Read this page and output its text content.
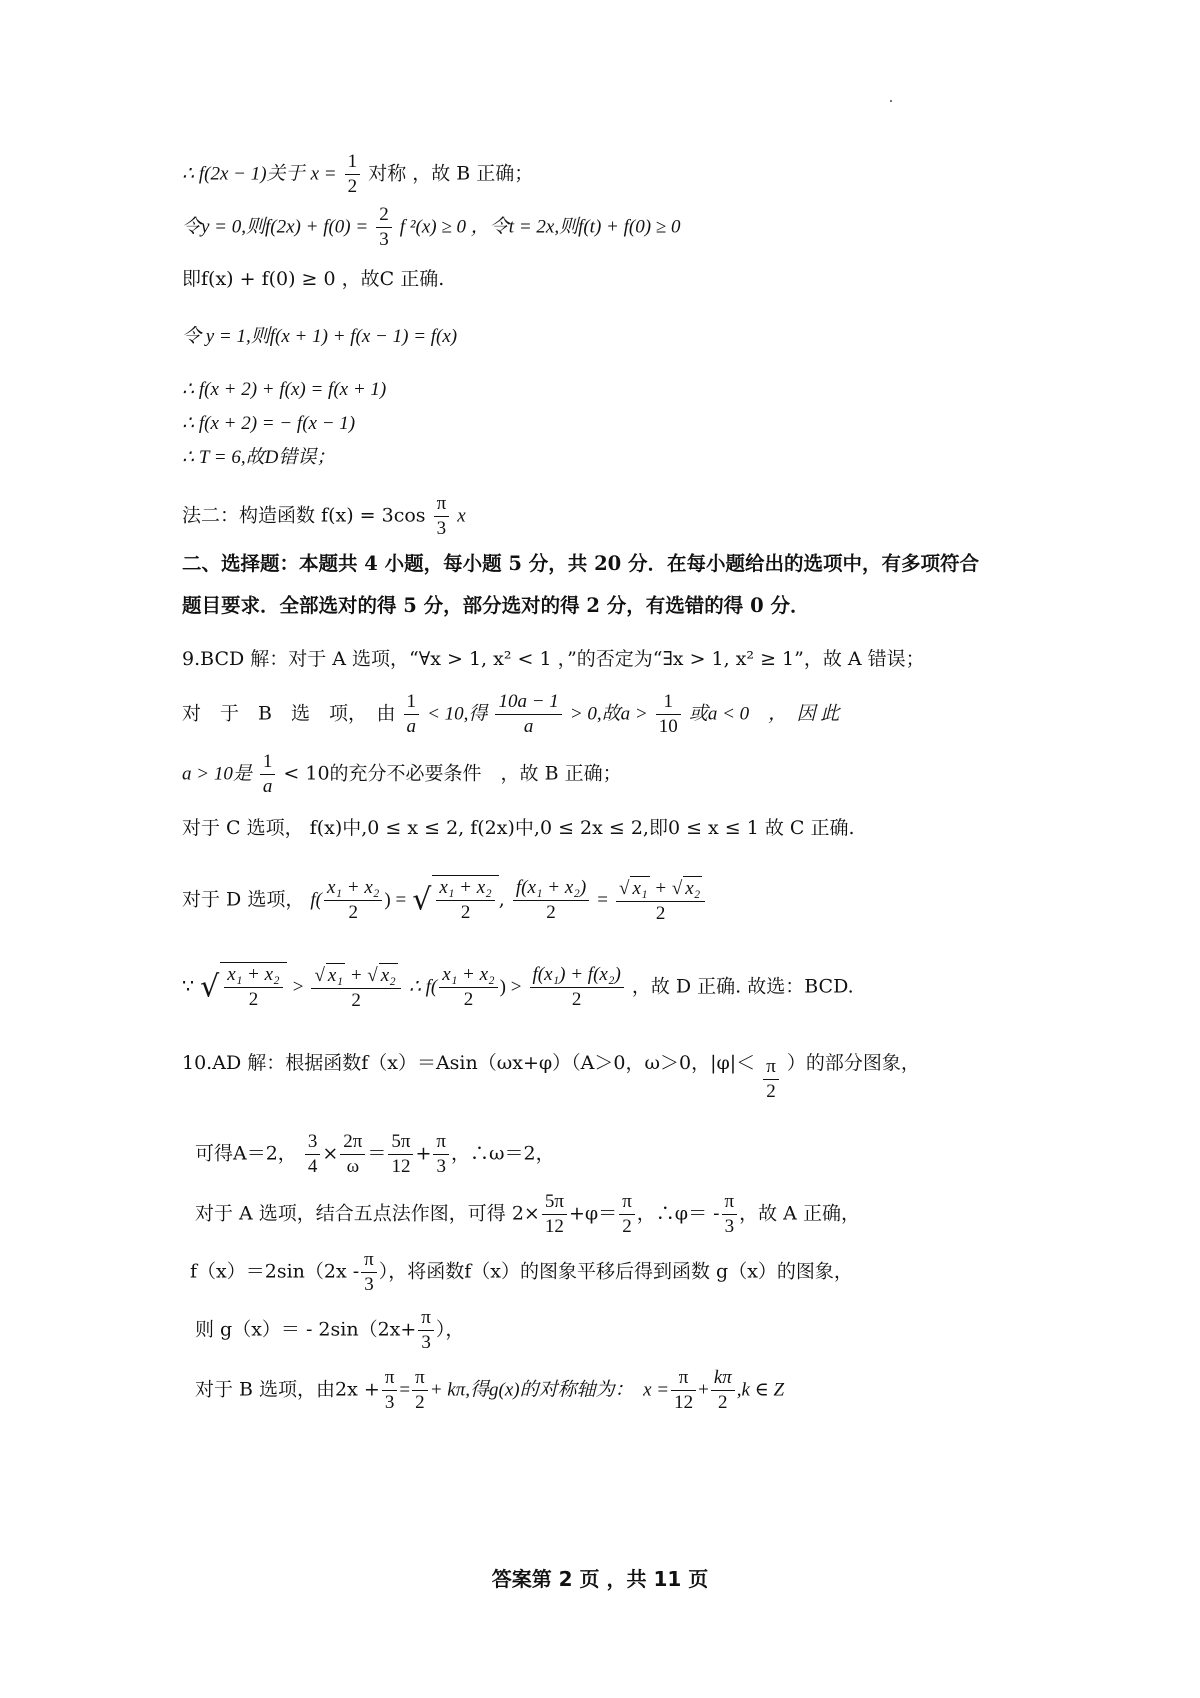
∴ f(2x − 1)关于 $x = \frac{1}{2}$ 对称 ，故 B 正确；
令y = 0,则$f(2x) + f(0) = \frac{2}{3}$ f ²(x) ≥ 0 ，令t = 2x,则f(t) + f(0) ≥ 0
即f(x) + f(0) ≥ 0 ，故C 正确.
令 y = 1,则f(x + 1) + f(x − 1) = f(x)
∴ f(x + 2) + f(x) = f(x + 1)
∴ f(x + 2) = − f(x − 1)
∴ T = 6,故D错误；
法二：构造函数 $f(x) = 3\cos \frac{\pi}{3}$ x
二、选择题：本题共 4 小题，每小题 5 分，共 20 分．在每小题给出的选项中，有多项符合
题目要求．全部选对的得 5 分，部分选对的得 2 分，有选错的得 0 分．
9.BCD 解：对于 A 选项，“∀x > 1, x² < 1 ，”的否定为“∃x > 1, x² ≥ 1”，故 A 错误；
对　于　B　选　项，　由 $\frac{1}{a} < 10$,得 $\frac{10a - 1}{a} > 0$,故$a > \frac{1}{10}$ 或a < 0　，　因 此
a > 10是 $\frac{1}{a} < 10$的充分不必要条件　，故 B 正确；
对于 C 选项， f(x)中,0 ≤ x ≤ 2, f(2x)中,0 ≤ 2x ≤ 2,即0 ≤ x ≤ 1 故 C 正确.
对于 D 选项， $f( \frac{\text{x₁ + x₂}}{2}$ ) = √ $\frac{\text{x₁ + x₂}}{2}$ , $\frac{\text{f(x₁ + x₂)}}{2} = \frac{\text{√ x₁ + √ x₂}}{2}$
∵ √ $\frac{\text{x₁ + x₂}}{2} > \frac{\text{√ x₁ + √ x₂}}{2}$ ∴ $f( \frac{\text{x₁ + x₂}}{2}$ ) > $\frac{\text{f(x₁) + f(x₂)}}{2}$ ，故 D 正确. 故选：BCD.
10.AD 解：根据函数f（x）＝Asin（ωx+φ）（A＞0，ω＞0，$|\varphi|< \frac{\pi}{2}$ ）的部分图象，
可得A＝2， $\frac{3}{4} \times \frac{2\pi}{\omega} = \frac{5\pi}{12} + \frac{\pi}{3}$ ，∴ω＝2，
对于 A 选项，结合五点法作图，可得 $2\times \frac{5\pi}{12} +\varphi= \frac{\pi}{2}$ ，∴φ＝ - $\frac{\pi}{3}$ ，故 A 正确，
$f(x)=2\sin(2x - \frac{\pi}{3}$ ），将函数f（x）的图象平移后得到函数 g（x）的图象，
则 $g(x)= - 2\sin(2x+ \frac{\pi}{3}$ ），
对于 B 选项，由$2x + \frac{\pi}{3} = \frac{\pi}{2} + k\pi$,得g(x)的对称轴为：　$x = \frac{\pi}{12} + \frac{k\pi}{2} ,k$ ∈ Z
答案第 2 页 ，共 11 页
